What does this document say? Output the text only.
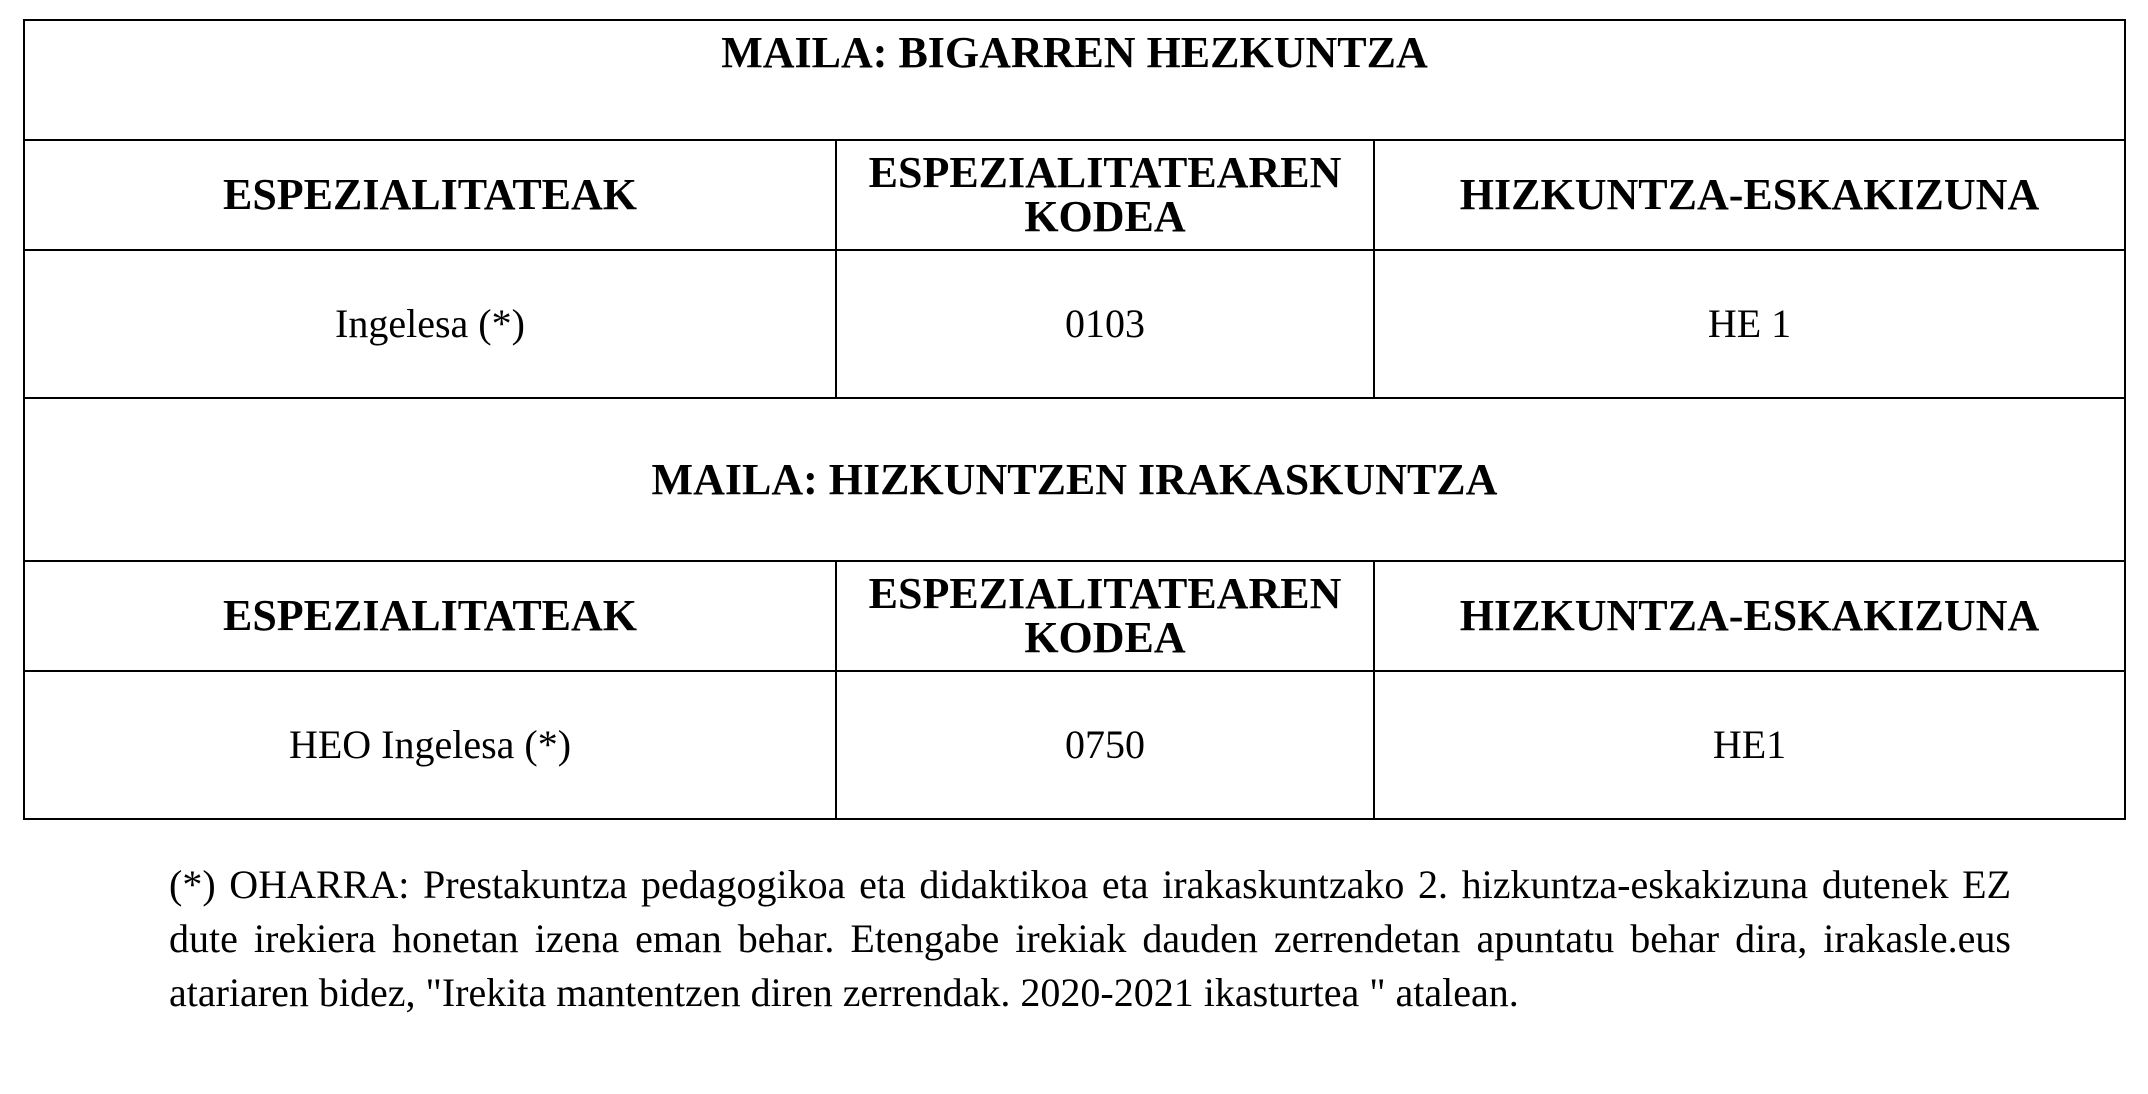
MAILA: BIGARREN HEZKUNTZA		
ESPEZIALITATEAK	ESPEZIALITATEAREN KODEA	HIZKUNTZA-ESKAKIZUNA
Ingelesa (*)	0103	HE 1
MAILA: HIZKUNTZEN IRAKASKUNTZA		
ESPEZIALITATEAK	ESPEZIALITATEAREN KODEA	HIZKUNTZA-ESKAKIZUNA
HEO Ingelesa (*)	0750	HE1
(*) OHARRA: Prestakuntza pedagogikoa eta didaktikoa eta irakaskuntzako 2. hizkuntza-eskakizuna dutenek EZ dute irekiera honetan izena eman behar. Etengabe irekiak dauden zerrendetan apuntatu behar dira, irakasle.eus atariaren bidez, "Irekita mantentzen diren zerrendak. 2020-2021 ikasturtea " atalean.
